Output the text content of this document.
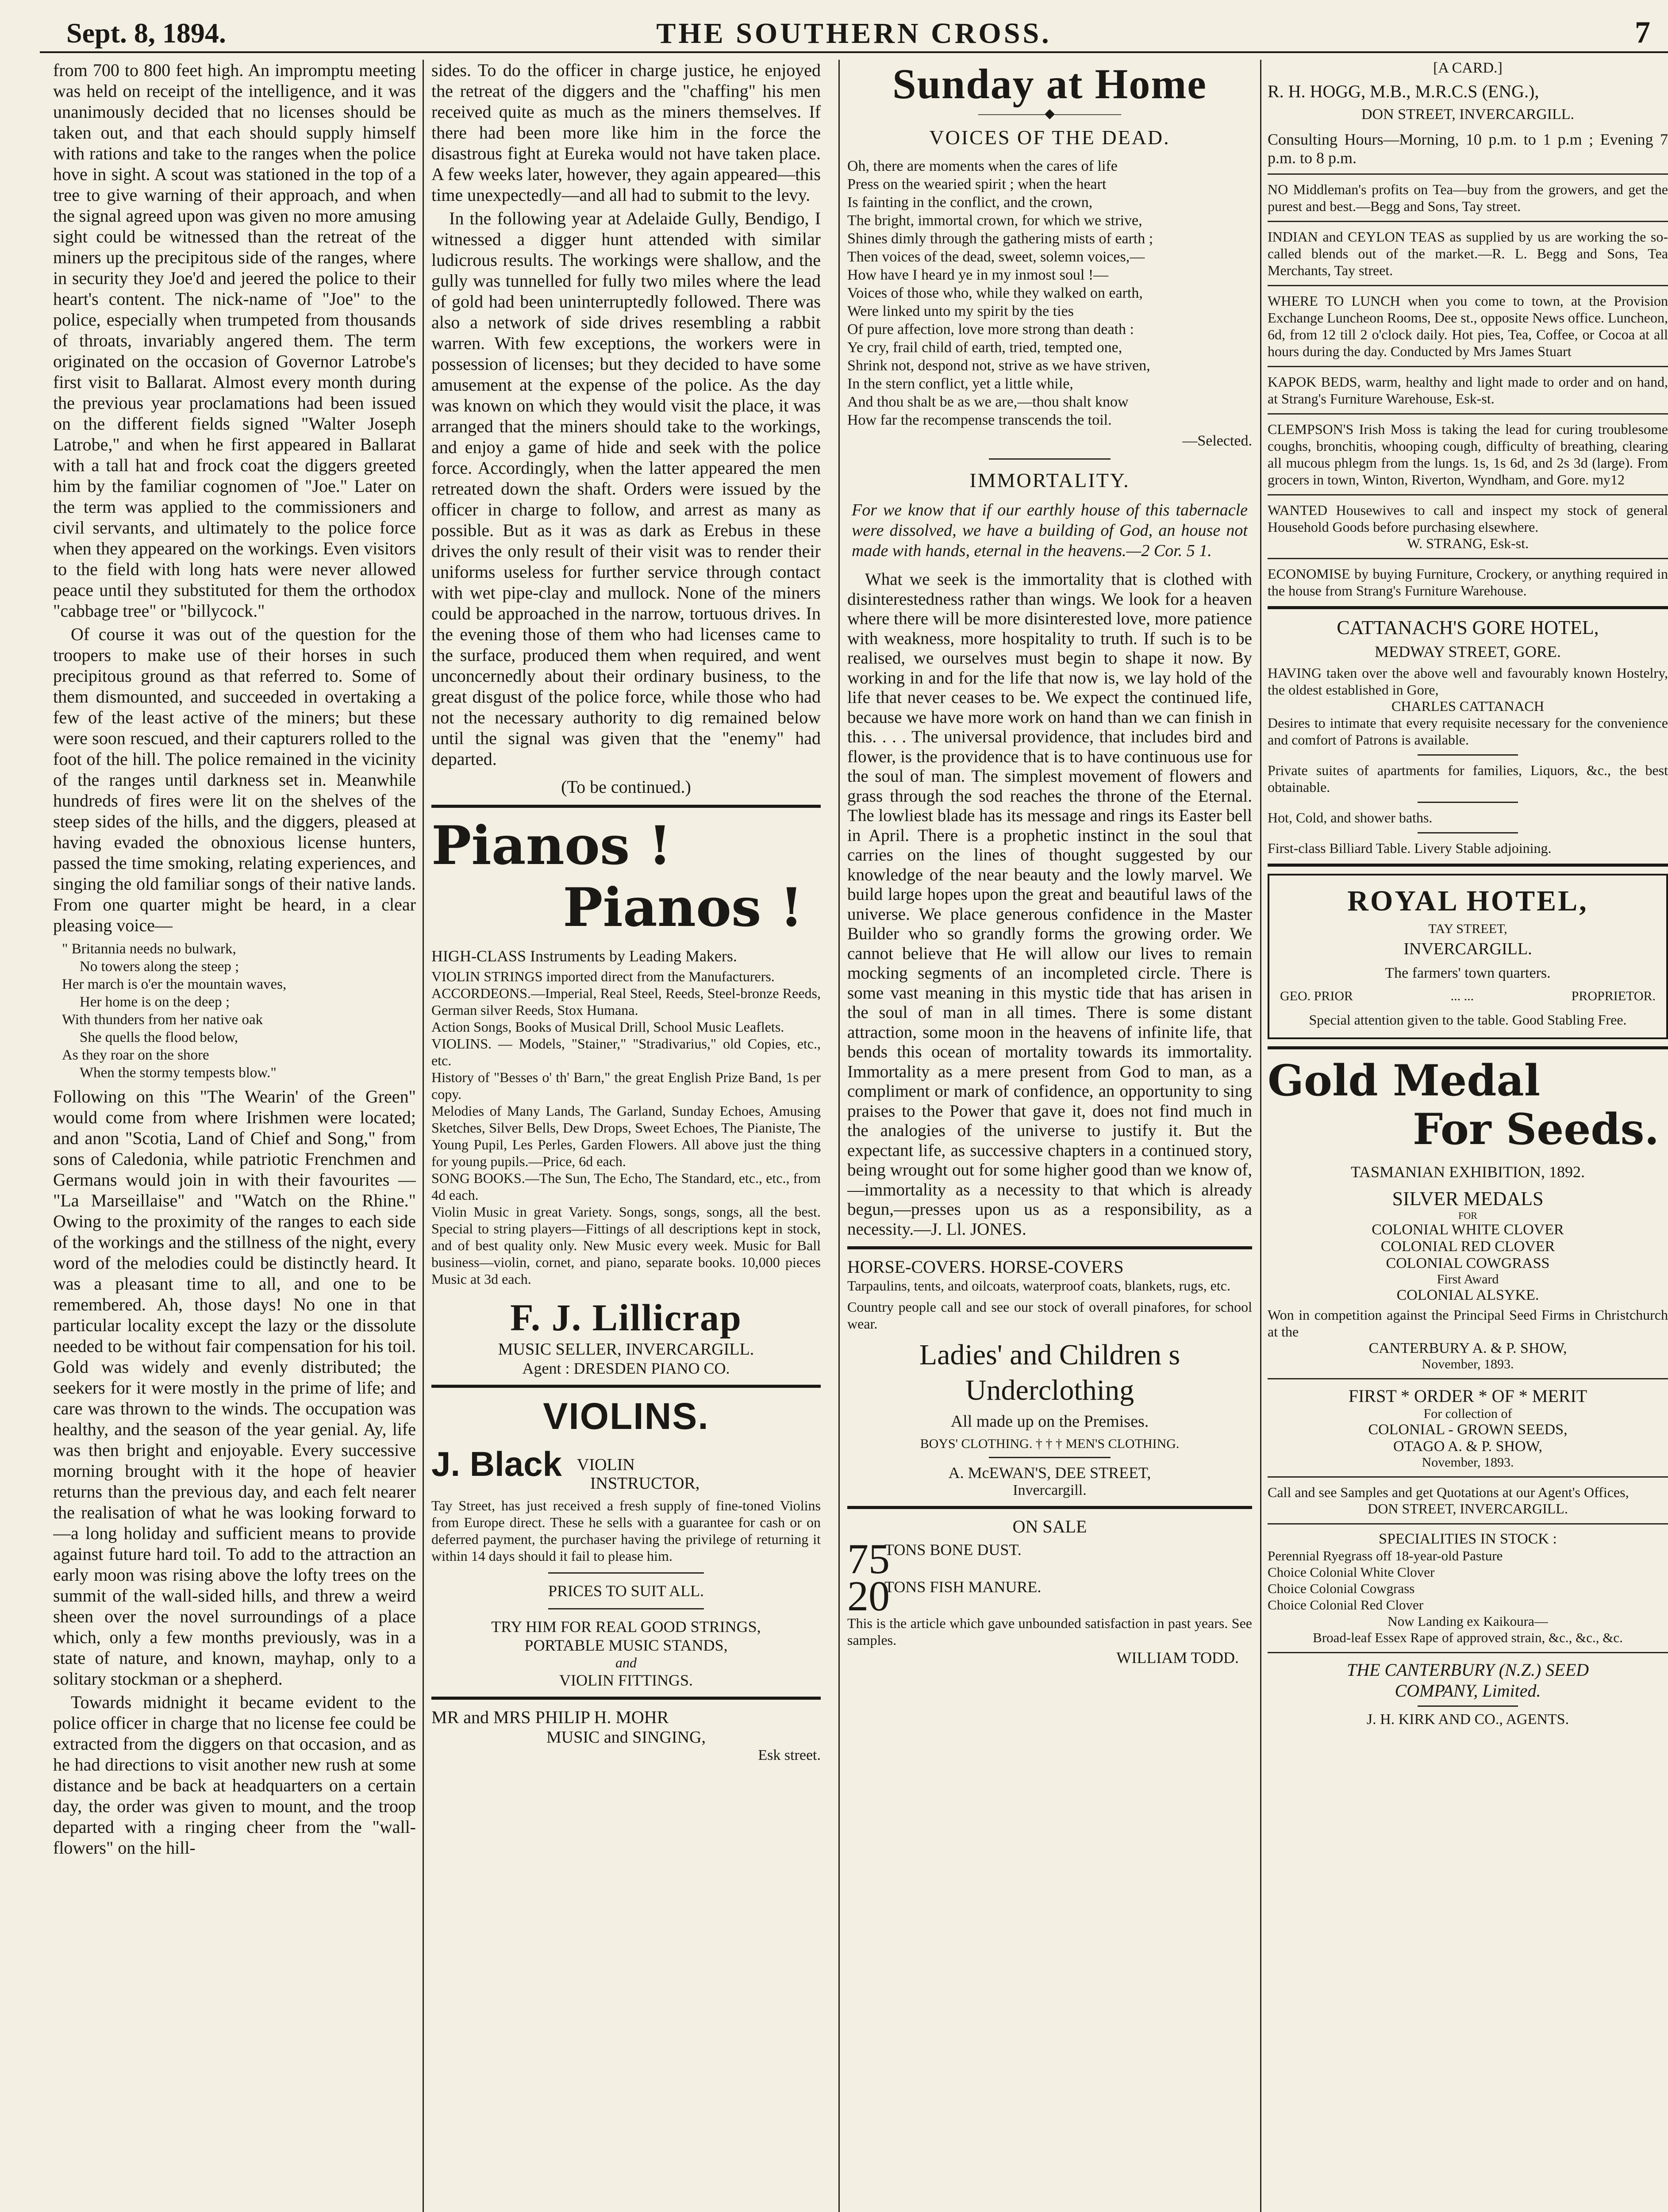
Sept. 8, 1894.	THE SOUTHERN CROSS.	7

from 700 to 800 feet high. An impromptu meeting was held on receipt of the intelligence, and it was unanimously decided that no licenses should be taken out, and that each should supply himself with rations and take to the ranges when the police hove in sight. A scout was stationed in the top of a tree to give warning of their approach, and when the signal agreed upon was given no more amusing sight could be witnessed than the retreat of the miners up the precipitous side of the ranges, where in security they Joe'd and jeered the police to their heart's content. The nick-name of "Joe" to the police, especially when trumpeted from thousands of throats, invariably angered them. The term originated on the occasion of Governor Latrobe's first visit to Ballarat. Almost every month during the previous year proclamations had been issued on the different fields signed "Walter Joseph Latrobe," and when he first appeared in Ballarat with a tall hat and frock coat the diggers greeted him by the familiar cognomen of "Joe." Later on the term was applied to the commissioners and civil servants, and ultimately to the police force when they appeared on the workings. Even visitors to the field with long hats were never allowed peace until they substituted for them the orthodox "cabbage tree" or "billycock."

Of course it was out of the question for the troopers to make use of their horses in such precipitous ground as that referred to. Some of them dismounted, and succeeded in overtaking a few of the least active of the miners; but these were soon rescued, and their capturers rolled to the foot of the hill. The police remained in the vicinity of the ranges until darkness set in. Meanwhile hundreds of fires were lit on the shelves of the steep sides of the hills, and the diggers, pleased at having evaded the obnoxious license hunters, passed the time smoking, relating experiences, and singing the old familiar songs of their native lands. From one quarter might be heard, in a clear pleasing voice—

" Britannia needs no bulwark,
No towers along the steep ;
Her march is o'er the mountain waves,
Her home is on the deep ;
With thunders from her native oak
She quells the flood below,
As they roar on the shore
When the stormy tempests blow."

Following on this "The Wearin' of the Green" would come from where Irishmen were located; and anon "Scotia, Land of Chief and Song," from sons of Caledonia, while patriotic Frenchmen and Germans would join in with their favourites — "La Marseillaise" and "Watch on the Rhine." Owing to the proximity of the ranges to each side of the workings and the stillness of the night, every word of the melodies could be distinctly heard. It was a pleasant time to all, and one to be remembered. Ah, those days! No one in that particular locality except the lazy or the dissolute needed to be without fair compensation for his toil. Gold was widely and evenly distributed; the seekers for it were mostly in the prime of life; and care was thrown to the winds. The occupation was healthy, and the season of the year genial. Ay, life was then bright and enjoyable. Every successive morning brought with it the hope of heavier returns than the previous day, and each felt nearer the realisation of what he was looking forward to—a long holiday and sufficient means to provide against future hard toil. To add to the attraction an early moon was rising above the lofty trees on the summit of the wall-sided hills, and threw a weird sheen over the novel surroundings of a place which, only a few months previously, was in a state of nature, and known, mayhap, only to a solitary stockman or a shepherd.

Towards midnight it became evident to the police officer in charge that no license fee could be extracted from the diggers on that occasion, and as he had directions to visit another new rush at some distance and be back at headquarters on a certain day, the order was given to mount, and the troop departed with a ringing cheer from the "wall-flowers" on the hill-

sides. To do the officer in charge justice, he enjoyed the retreat of the diggers and the "chaffing" his men received quite as much as the miners themselves. If there had been more like him in the force the disastrous fight at Eureka would not have taken place. A few weeks later, however, they again appeared—this time unexpectedly—and all had to submit to the levy.

In the following year at Adelaide Gully, Bendigo, I witnessed a digger hunt attended with similar ludicrous results. The workings were shallow, and the gully was tunnelled for fully two miles where the lead of gold had been uninterruptedly followed. There was also a network of side drives resembling a rabbit warren. With few exceptions, the workers were in possession of licenses; but they decided to have some amusement at the expense of the police. As the day was known on which they would visit the place, it was arranged that the miners should take to the workings, and enjoy a game of hide and seek with the police force. Accordingly, when the latter appeared the men retreated down the shaft. Orders were issued by the officer in charge to follow, and arrest as many as possible. But as it was as dark as Erebus in these drives the only result of their visit was to render their uniforms useless for further service through contact with wet pipe-clay and mullock. None of the miners could be approached in the narrow, tortuous drives. In the evening those of them who had licenses came to the surface, produced them when required, and went unconcernedly about their ordinary business, to the great disgust of the police force, while those who had not the necessary authority to dig remained below until the signal was given that the "enemy" had departed.

(To be continued.)
Pianos !
Pianos !
HIGH-CLASS Instruments by Leading Makers.
VIOLIN STRINGS imported direct from the Manufacturers.
ACCORDEONS.—Imperial, Real Steel, Reeds, Steel-bronze Reeds, German silver Reeds, Stox Humana.
Action Songs, Books of Musical Drill, School Music Leaflets.
VIOLINS. — Models, "Stainer," "Stradivarius," old Copies, etc., etc.
History of "Besses o' th' Barn," the great English Prize Band, 1s per copy.
Melodies of Many Lands, The Garland, Sunday Echoes, Amusing Sketches, Silver Bells, Dew Drops, Sweet Echoes, The Pianiste, The Young Pupil, Les Perles, Garden Flowers. All above just the thing for young pupils.—Price, 6d each.
SONG BOOKS.—The Sun, The Echo, The Standard, etc., etc., from 4d each.
Violin Music in great Variety. Songs, songs, songs, all the best. Special to string players—Fittings of all descriptions kept in stock, and of best quality only. New Music every week. Music for Ball business—violin, cornet, and piano, separate books. 10,000 pieces Music at 3d each.
F. J. Lillicrap
MUSIC SELLER, INVERCARGILL.
Agent : DRESDEN PIANO CO.
VIOLINS.
J. Black VIOLIN
INSTRUCTOR,
Tay Street, has just received a fresh supply of fine-toned Violins from Europe direct. These he sells with a guarantee for cash or on deferred payment, the purchaser having the privilege of returning it within 14 days should it fail to please him.
PRICES TO SUIT ALL.
TRY HIM FOR REAL GOOD STRINGS,
PORTABLE MUSIC STANDS,
and
VIOLIN FITTINGS.
MR and MRS PHILIP H. MOHR
MUSIC and SINGING,
Esk street.
Sunday at Home
―――――◆―――――
VOICES OF THE DEAD.
Oh, there are moments when the cares of life
Press on the wearied spirit ; when the heart
Is fainting in the conflict, and the crown,
The bright, immortal crown, for which we strive,
Shines dimly through the gathering mists of earth ;
Then voices of the dead, sweet, solemn voices,—
How have I heard ye in my inmost soul !—
Voices of those who, while they walked on earth,
Were linked unto my spirit by the ties
Of pure affection, love more strong than death :
Ye cry, frail child of earth, tried, tempted one,
Shrink not, despond not, strive as we have striven,
In the stern conflict, yet a little while,
And thou shalt be as we are,—thou shalt know
How far the recompense transcends the toil.
—Selected.
IMMORTALITY.
For we know that if our earthly house of this tabernacle were dissolved, we have a building of God, an house not made with hands, eternal in the heavens.—2 Cor. 5 1.

What we seek is the immortality that is clothed with disinterestedness rather than wings. We look for a heaven where there will be more disinterested love, more patience with weakness, more hospitality to truth. If such is to be realised, we ourselves must begin to shape it now. By working in and for the life that now is, we lay hold of the life that never ceases to be. We expect the continued life, because we have more work on hand than we can finish in this. . . . The universal providence, that includes bird and flower, is the providence that is to have continuous use for the soul of man. The simplest movement of flowers and grass through the sod reaches the throne of the Eternal. The lowliest blade has its message and rings its Easter bell in April. There is a prophetic instinct in the soul that carries on the lines of thought suggested by our knowledge of the near beauty and the lowly marvel. We build large hopes upon the great and beautiful laws of the universe. We place generous confidence in the Master Builder who so grandly forms the growing order. We cannot believe that He will allow our lives to remain mocking segments of an incompleted circle. There is some vast meaning in this mystic tide that has arisen in the soul of man in all times. There is some distant attraction, some moon in the heavens of infinite life, that bends this ocean of mortality towards its immortality. Immortality as a mere present from God to man, as a compliment or mark of confidence, an opportunity to sing praises to the Power that gave it, does not find much in the analogies of the universe to justify it. But the expectant life, as successive chapters in a continued story, being wrought out for some higher good than we know of,—immortality as a necessity to that which is already begun,—presses upon us as a responsibility, as a necessity.—J. Ll. JONES.

HORSE-COVERS. HORSE-COVERS
Tarpaulins, tents, and oilcoats, waterproof coats, blankets, rugs, etc.
Country people call and see our stock of overall pinafores, for school wear.
Ladies' and Children s
Underclothing
All made up on the Premises.
BOYS' CLOTHING. † † † MEN'S CLOTHING.
A. McEWAN'S, DEE STREET,
Invercargill.
ON SALE
75 TONS BONE DUST.
20 TONS FISH MANURE.
This is the article which gave unbounded satisfaction in past years. See samples.
WILLIAM TODD.
[A CARD.]
R. H. HOGG, M.B., M.R.C.S (ENG.),
DON STREET, INVERCARGILL.
Consulting Hours—Morning, 10 p.m. to 1 p.m ; Evening 7 p.m. to 8 p.m.
NO Middleman's profits on Tea—buy from the growers, and get the purest and best.—Begg and Sons, Tay street.
INDIAN and CEYLON TEAS as supplied by us are working the so-called blends out of the market.—R. L. Begg and Sons, Tea Merchants, Tay street.
WHERE TO LUNCH when you come to town, at the Provision Exchange Luncheon Rooms, Dee st., opposite News office. Luncheon, 6d, from 12 till 2 o'clock daily. Hot pies, Tea, Coffee, or Cocoa at all hours during the day. Conducted by Mrs James Stuart
KAPOK BEDS, warm, healthy and light made to order and on hand, at Strang's Furniture Warehouse, Esk-st.
CLEMPSON'S Irish Moss is taking the lead for curing troublesome coughs, bronchitis, whooping cough, difficulty of breathing, clearing all mucous phlegm from the lungs. 1s, 1s 6d, and 2s 3d (large). From grocers in town, Winton, Riverton, Wyndham, and Gore. my12
WANTED Housewives to call and inspect my stock of general Household Goods before purchasing elsewhere.
W. STRANG, Esk-st.
ECONOMISE by buying Furniture, Crockery, or anything required in the house from Strang's Furniture Warehouse.
CATTANACH'S GORE HOTEL,
MEDWAY STREET, GORE.
HAVING taken over the above well and favourably known Hostelry, the oldest established in Gore,
CHARLES CATTANACH
Desires to intimate that every requisite necessary for the convenience and comfort of Patrons is available.
Private suites of apartments for families, Liquors, &c., the best obtainable.
Hot, Cold, and shower baths.
First-class Billiard Table. Livery Stable adjoining.
ROYAL HOTEL,
TAY STREET,
INVERCARGILL.
The farmers' town quarters.
GEO. PRIOR	... ...	PROPRIETOR.
Special attention given to the table. Good Stabling Free.
Gold Medal
For Seeds.
TASMANIAN EXHIBITION, 1892.
SILVER MEDALS
FOR
COLONIAL WHITE CLOVER
COLONIAL RED CLOVER
COLONIAL COWGRASS
First Award
COLONIAL ALSYKE.
Won in competition against the Principal Seed Firms in Christchurch at the
CANTERBURY A. & P. SHOW,
November, 1893.
FIRST * ORDER * OF * MERIT
For collection of
COLONIAL - GROWN SEEDS,
OTAGO A. & P. SHOW,
November, 1893.
Call and see Samples and get Quotations at our Agent's Offices,
DON STREET, INVERCARGILL.
SPECIALITIES IN STOCK :
Perennial Ryegrass off 18-year-old Pasture
Choice Colonial White Clover
Choice Colonial Cowgrass
Choice Colonial Red Clover
Now Landing ex Kaikoura—
Broad-leaf Essex Rape of approved strain, &c., &c., &c.
THE CANTERBURY (N.Z.) SEED
COMPANY, Limited.
J. H. KIRK AND CO., AGENTS.
